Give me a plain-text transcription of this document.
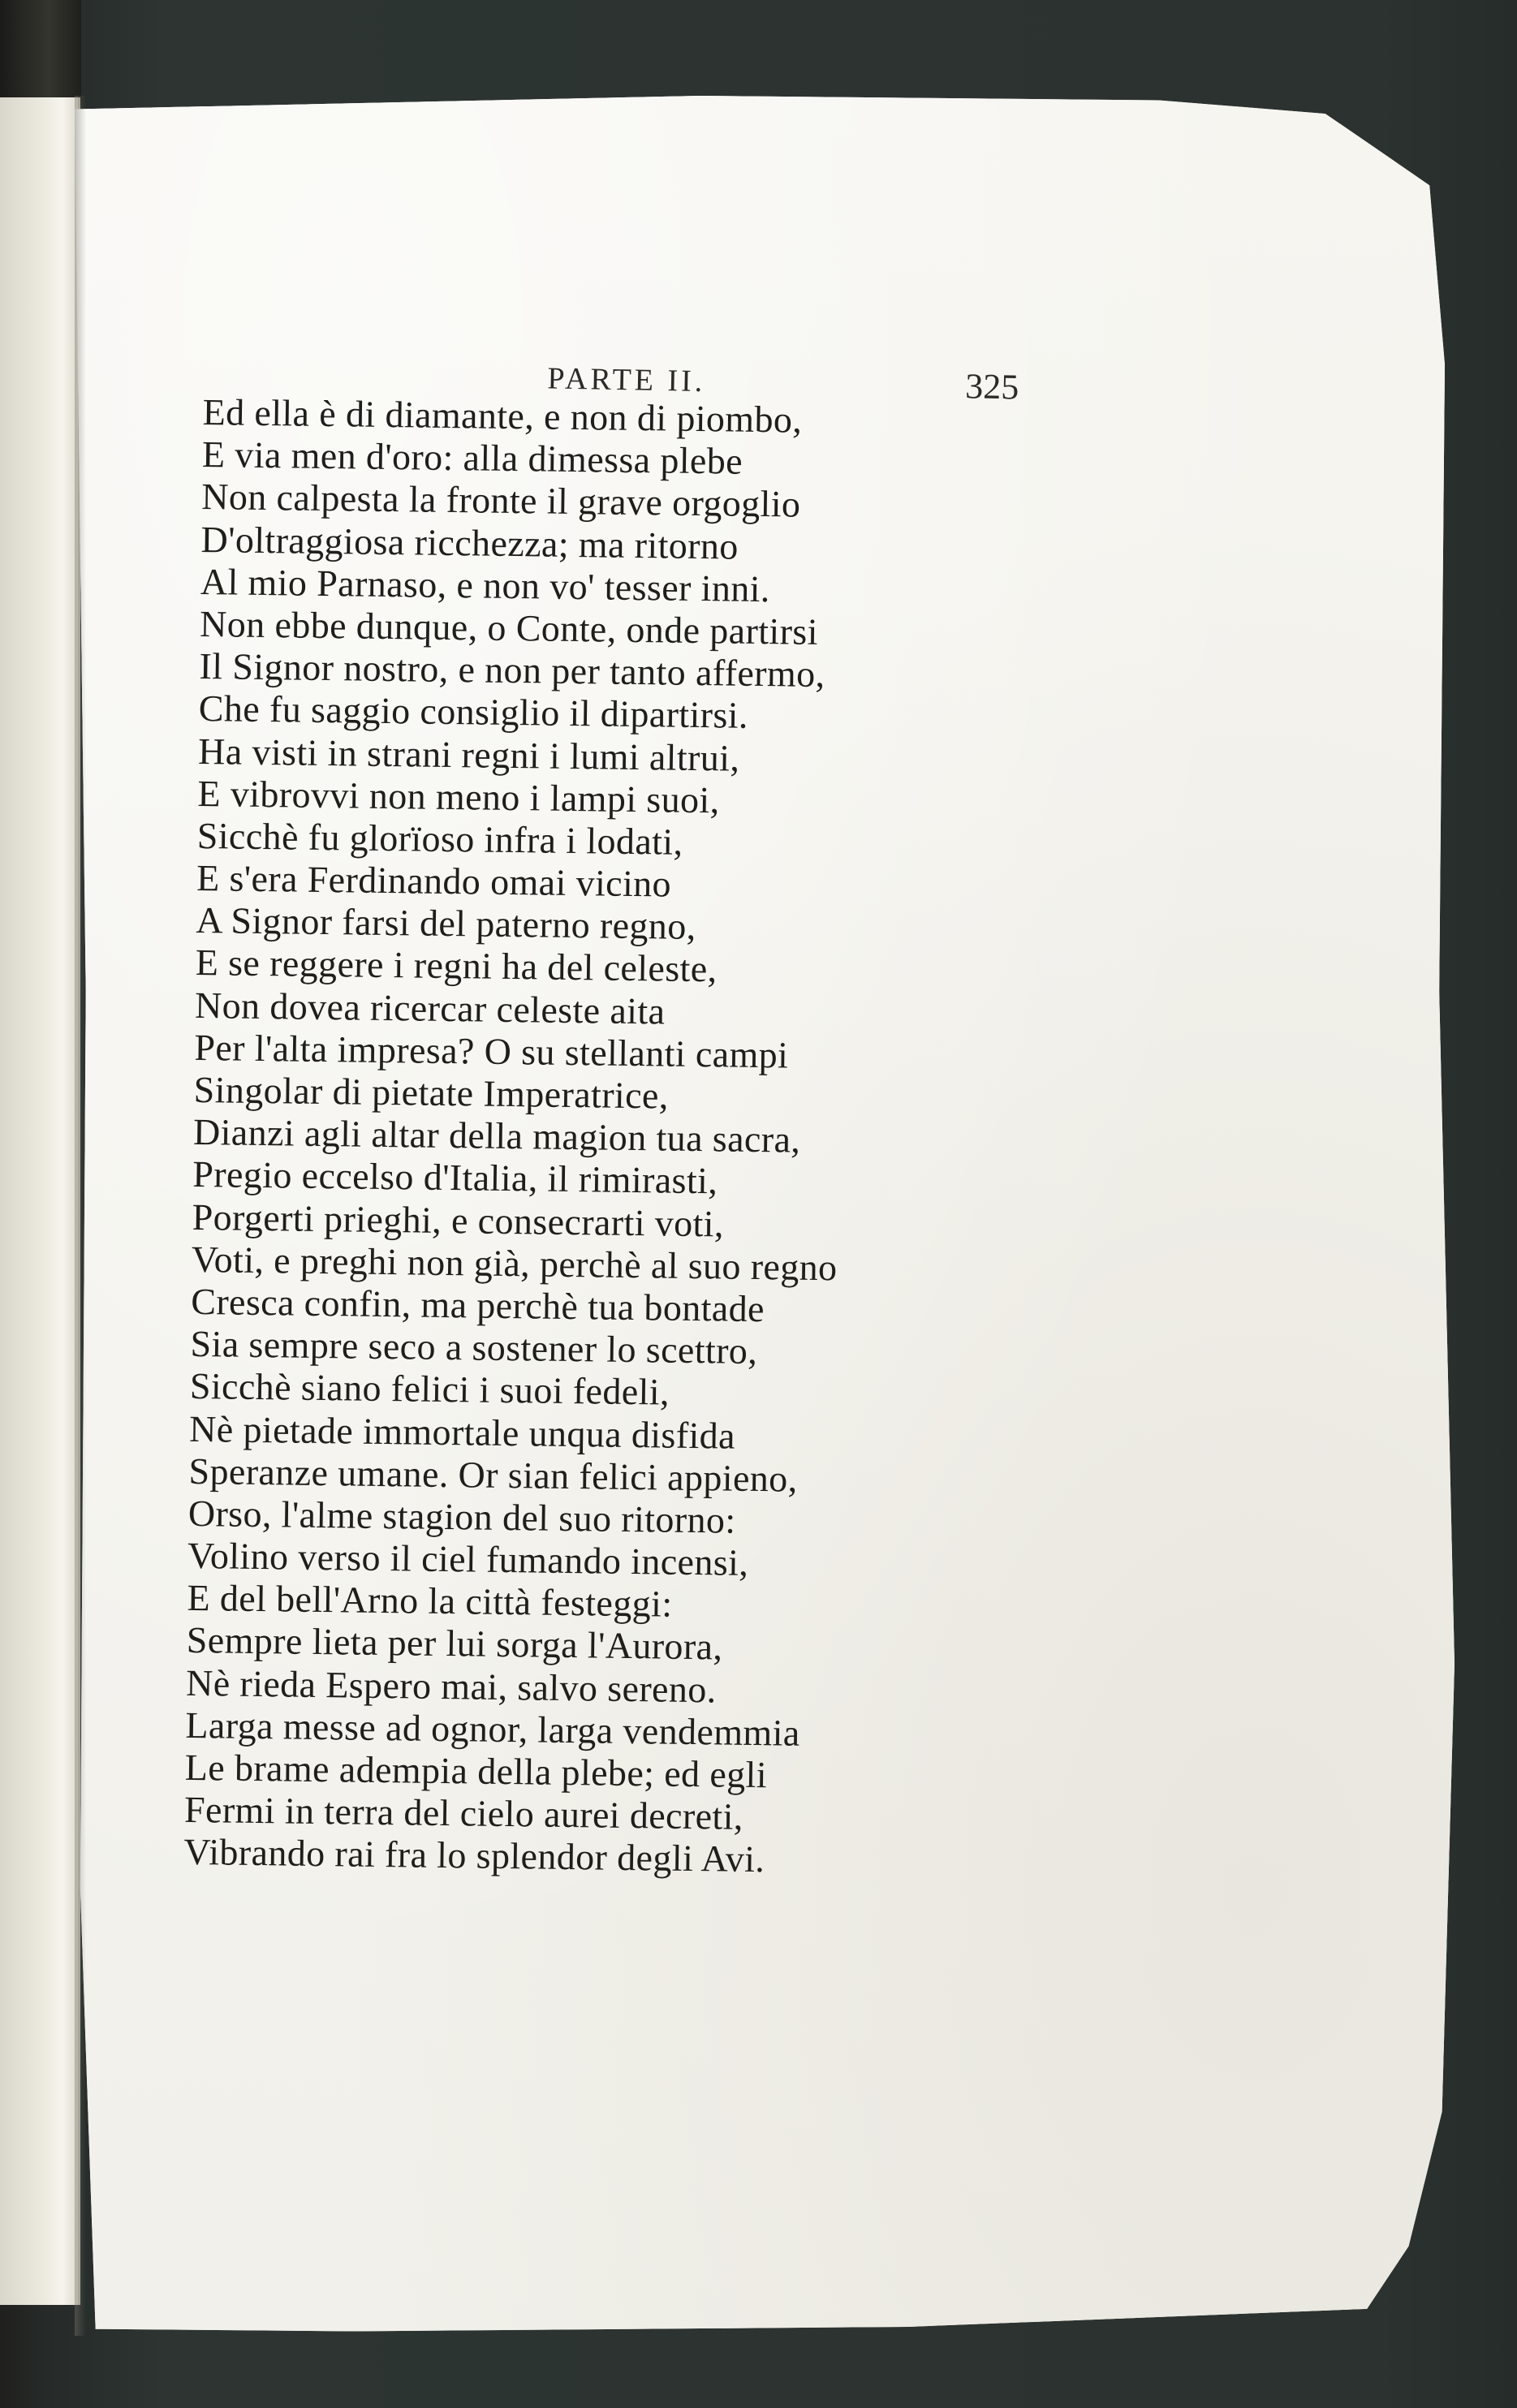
PARTE II.	325
Ed ella è di diamante, e non di piombo,
E via men d'oro: alla dimessa plebe
Non calpesta la fronte il grave orgoglio
D'oltraggiosa ricchezza; ma ritorno
Al mio Parnaso, e non vo' tesser inni.
Non ebbe dunque, o Conte, onde partirsi
Il Signor nostro, e non per tanto affermo,
Che fu saggio consiglio il dipartirsi.
Ha visti in strani regni i lumi altrui,
E vibrovvi non meno i lampi suoi,
Sicchè fu glorïoso infra i lodati,
E s'era Ferdinando omai vicino
A Signor farsi del paterno regno,
E se reggere i regni ha del celeste,
Non dovea ricercar celeste aita
Per l'alta impresa? O su stellanti campi
Singolar di pietate Imperatrice,
Dianzi agli altar della magion tua sacra,
Pregio eccelso d'Italia, il rimirasti,
Porgerti prieghi, e consecrarti voti,
Voti, e preghi non già, perchè al suo regno
Cresca confin, ma perchè tua bontade
Sia sempre seco a sostener lo scettro,
Sicchè siano felici i suoi fedeli,
Nè pietade immortale unqua disfida
Speranze umane. Or sian felici appieno,
Orso, l'alme stagion del suo ritorno:
Volino verso il ciel fumando incensi,
E del bell'Arno la città festeggi:
Sempre lieta per lui sorga l'Aurora,
Nè rieda Espero mai, salvo sereno.
Larga messe ad ognor, larga vendemmia
Le brame adempia della plebe; ed egli
Fermi in terra del cielo aurei decreti,
Vibrando rai fra lo splendor degli Avi.
